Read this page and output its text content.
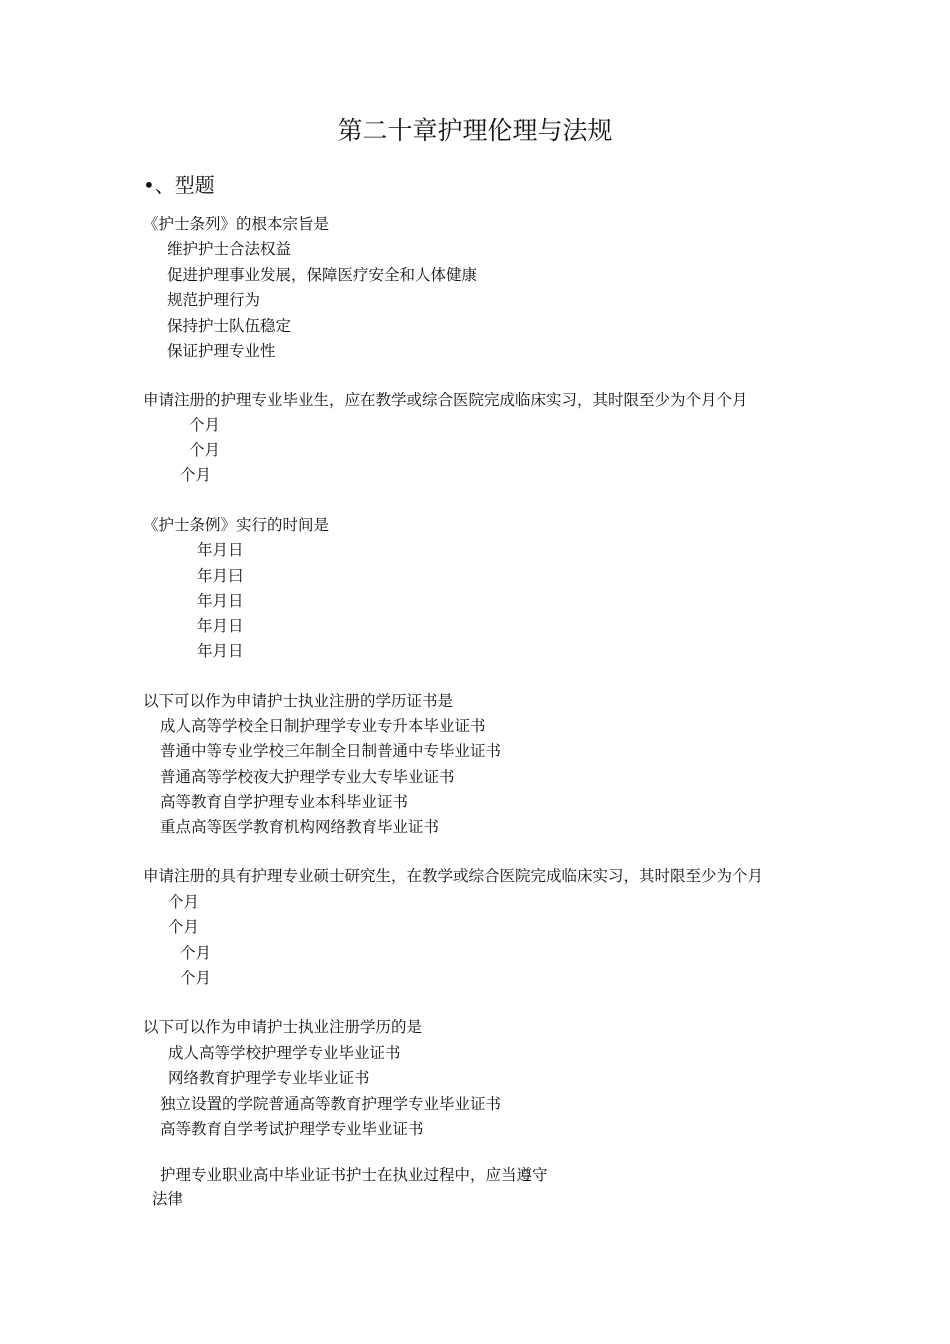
第二十章护理伦理与法规
•、型题
《护士条列》的根本宗旨是
维护护士合法权益
促进护理事业发展，保障医疗安全和人体健康
规范护理行为
保持护士队伍稳定
保证护理专业性
申请注册的护理专业毕业生，应在教学或综合医院完成临床实习，其时限至少为个月个月
个月
个月
个月
《护士条例》实行的时间是
年月日
年月曰
年月日
年月日
年月日
以下可以作为申请护士执业注册的学历证书是
成人高等学校全日制护理学专业专升本毕业证书
普通中等专业学校三年制全日制普通中专毕业证书
普通高等学校夜大护理学专业大专毕业证书
高等教育自学护理专业本科毕业证书
重点高等医学教育机构网络教育毕业证书
申请注册的具有护理专业硕士研究生，在教学或综合医院完成临床实习，其时限至少为个月
个月
个月
个月
个月
以下可以作为申请护士执业注册学历的是
成人高等学校护理学专业毕业证书
网络教育护理学专业毕业证书
独立设置的学院普通高等教育护理学专业毕业证书
高等教育自学考试护理学专业毕业证书
护理专业职业高中毕业证书护士在执业过程中，应当遵守
法律
